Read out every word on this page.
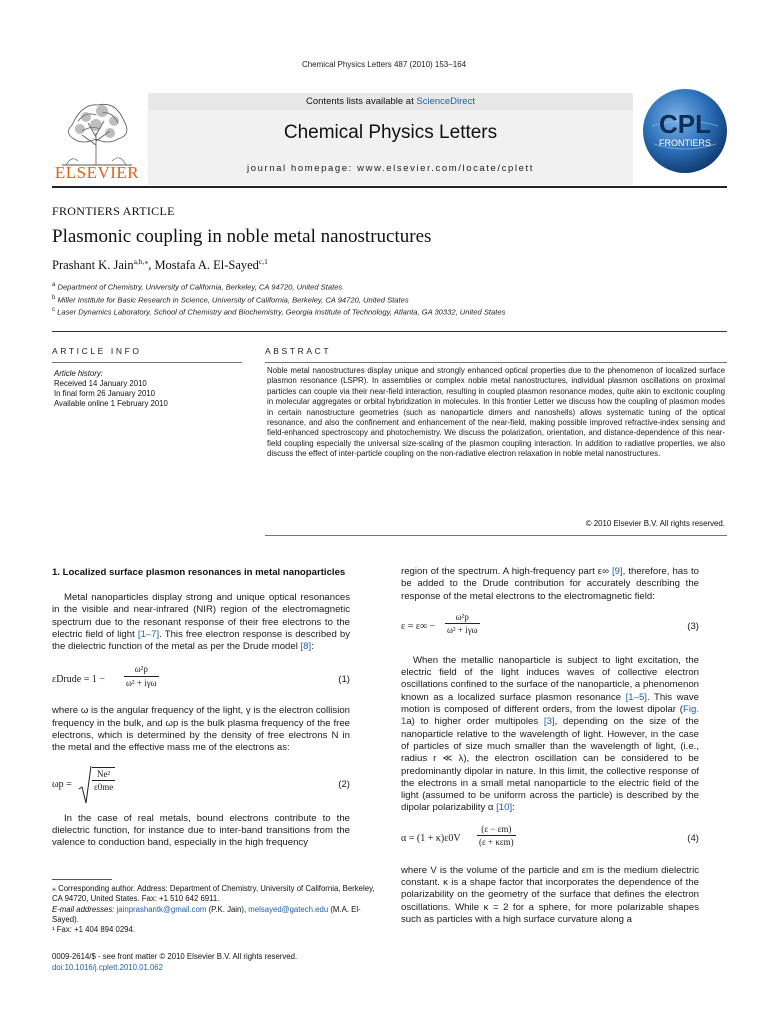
Chemical Physics Letters 487 (2010) 153–164
ELSEVIER
Contents lists available at ScienceDirect
Chemical Physics Letters
journal homepage: www.elsevier.com/locate/cplett
CPL
FRONTIERS
FRONTIERS ARTICLE
Plasmonic coupling in noble metal nanostructures
Prashant K. Jain$^{a,b,⁎}$, Mostafa A. El-Sayed$^{c,1}$
$^a$ Department of Chemistry, University of California, Berkeley, CA 94720, United States
$^b$ Miller Institute for Basic Research in Science, University of California, Berkeley, CA 94720, United States
$^c$ Laser Dynamics Laboratory, School of Chemistry and Biochemistry, Georgia Institute of Technology, Atlanta, GA 30332, United States
ARTICLE INFO	ABSTRACT
Article history:
Received 14 January 2010
In final form 26 January 2010
Available online 1 February 2010
Noble metal nanostructures display unique and strongly enhanced optical properties due to the phenomenon of localized surface plasmon resonance (LSPR). In assemblies or complex noble metal nanostructures, individual plasmon oscillations on proximal particles can couple via their near-field interaction, resulting in coupled plasmon resonance modes, quite akin to excitonic coupling in molecular aggregates or orbital hybridization in molecules. In this frontier Letter we discuss how the coupling of plasmon modes in certain nanostructure geometries (such as nanoparticle dimers and nanoshells) allows systematic tuning of the optical resonance, and also the confinement and enhancement of the near-field, making possible improved refractive-index sensing and field-enhanced spectroscopy and photochemistry. We discuss the polarization, orientation, and distance-dependence of this near-field coupling especially the universal size-scaling of the plasmon coupling interaction. In addition to radiative properties, we also discuss the effect of inter-particle coupling on the non-radiative electron relaxation in noble metal nanostructures.
© 2010 Elsevier B.V. All rights reserved.
1. Localized surface plasmon resonances in metal nanoparticles

Metal nanoparticles display strong and unique optical resonances in the visible and near-infrared (NIR) region of the electromagnetic spectrum due to the resonant response of their free electrons to the electric field of light [1–7]. This free electron response is described by the dielectric function of the metal as per the Drude model [8]:

εDrude = 1 −
ω²p
ω² + iγω	(1)

where ω is the angular frequency of the light, γ is the electron collision frequency in the bulk, and ωp is the bulk plasma frequency of the free electrons, which is determined by the density of free electrons N in the metal and the effective mass me of the electrons as:

$\omega p = \frac{\text{Ne²}}{\varepsilon 0me}$	(2)

In the case of real metals, bound electrons contribute to the dielectric function, for instance due to inter-band transitions from the valence to conduction band, especially in the high frequency

region of the spectrum. A high-frequency part ε∞ [9], therefore, has to be added to the Drude contribution for accurately describing the response of the metal electrons to the electromagnetic field:

ε = ε∞ −
ω²p
ω² + iγω	(3)

When the metallic nanoparticle is subject to light excitation, the electric field of the light induces waves of collective electron oscillations confined to the surface of the nanoparticle, a phenomenon known as a localized surface plasmon resonance [1–5]. This wave motion is composed of different orders, from the lowest dipolar (Fig. 1a) to higher order multipoles [3], depending on the size of the nanoparticle relative to the wavelength of light. However, in the case of particles of size much smaller than the wavelength of light, (i.e., radius r ≪ λ), the electron oscillation can be considered to be predominantly dipolar in nature. In this limit, the collective response of the electrons in a small metal nanoparticle to the electric field of the light (assumed to be uniform across the particle) is described by the dipolar polarizability α [10]:

α = (1 + κ)ε0V
(ε − εm)
(ε + κεm)	(4)

where V is the volume of the particle and εm is the medium dielectric constant. κ is a shape factor that incorporates the dependence of the polarizability on the geometry of the surface that defines the electron oscillations. While κ = 2 for a sphere, for more polarizable shapes such as particles with a high surface curvature along a

⁎ Corresponding author. Address: Department of Chemistry, University of California, Berkeley, CA 94720, United States. Fax: +1 510 642 6911.
E-mail addresses: jainprashantk@gmail.com (P.K. Jain), melsayed@gatech.edu (M.A. El-Sayed).
¹ Fax: +1 404 894 0294.
0009-2614/$ - see front matter © 2010 Elsevier B.V. All rights reserved.
doi:10.1016/j.cplett.2010.01.062
